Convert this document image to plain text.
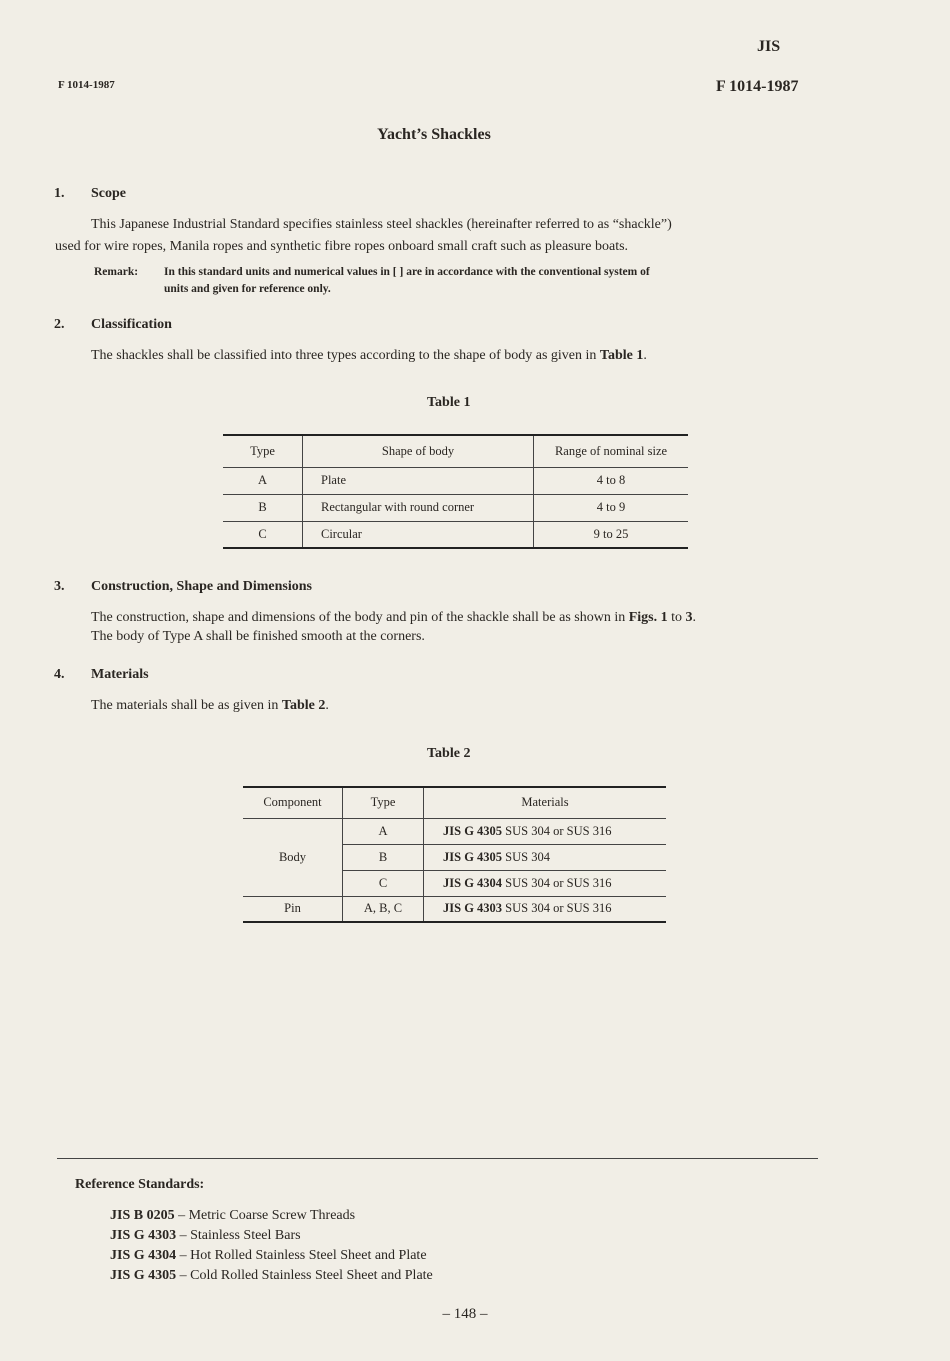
JIS
F 1014-1987	F 1014-1987
Yacht’s Shackles
1. Scope
This Japanese Industrial Standard specifies stainless steel shackles (hereinafter referred to as “shackle”)
used for wire ropes, Manila ropes and synthetic fibre ropes onboard small craft such as pleasure boats.
Remark: In this standard units and numerical values in [ ] are in accordance with the conventional system of
units and given for reference only.
2. Classification
The shackles shall be classified into three types according to the shape of body as given in Table 1.
Table 1
Type	Shape of body	Range of nominal size
A	Plate	4 to 8
B	Rectangular with round corner	4 to 9
C	Circular	9 to 25
3. Construction, Shape and Dimensions
The construction, shape and dimensions of the body and pin of the shackle shall be as shown in Figs. 1 to 3.
The body of Type A shall be finished smooth at the corners.
4. Materials
The materials shall be as given in Table 2.
Table 2
Component	Type	Materials
Body	A	JIS G 4305 SUS 304 or SUS 316
	B	JIS G 4305 SUS 304
	C	JIS G 4304 SUS 304 or SUS 316
Pin	A, B, C	JIS G 4303 SUS 304 or SUS 316
Reference Standards:
JIS B 0205 – Metric Coarse Screw Threads
JIS G 4303 – Stainless Steel Bars
JIS G 4304 – Hot Rolled Stainless Steel Sheet and Plate
JIS G 4305 – Cold Rolled Stainless Steel Sheet and Plate
– 148 –
